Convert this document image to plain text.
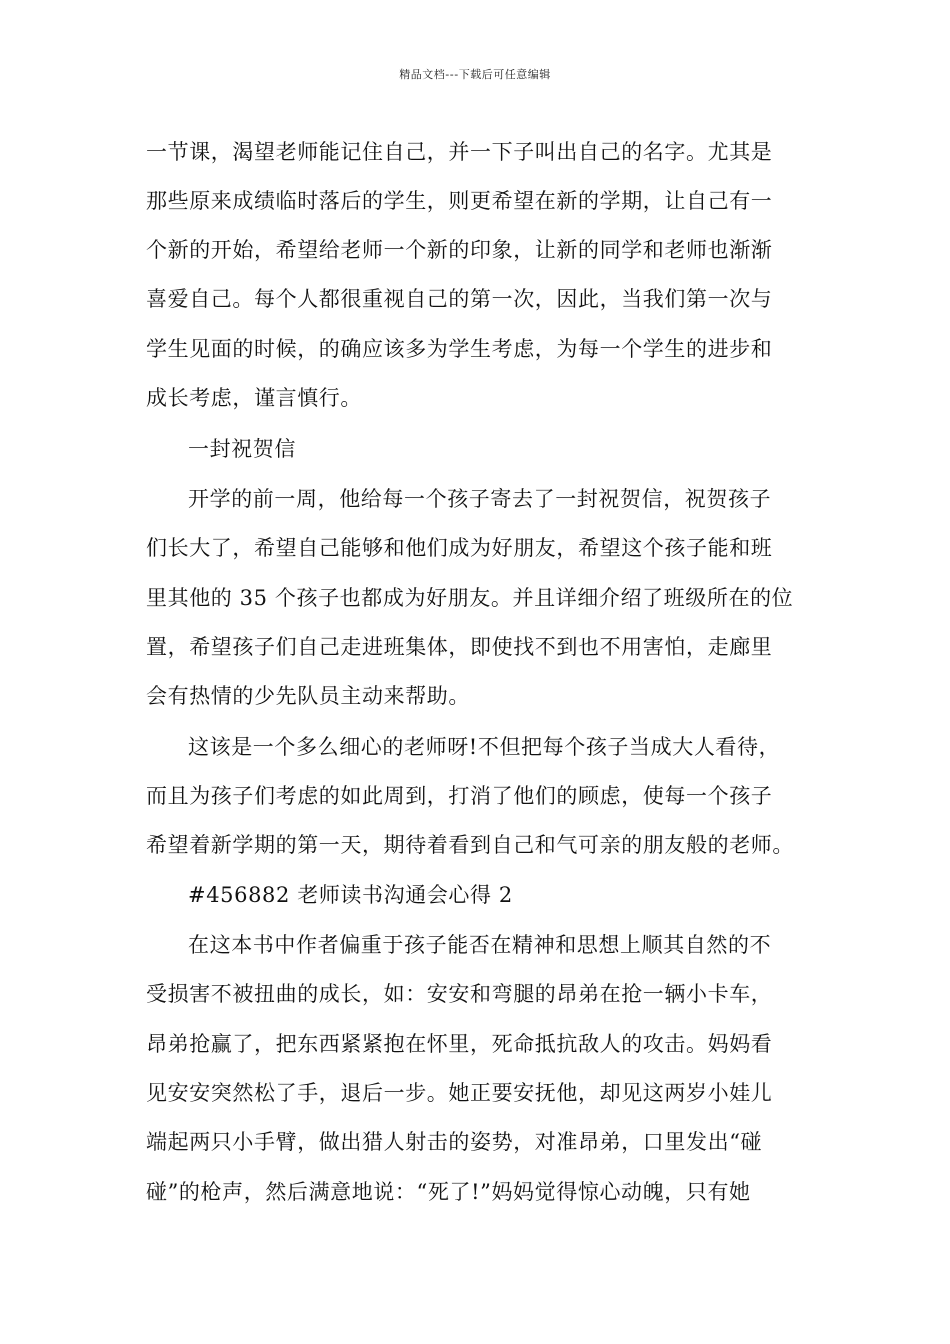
精品文档---下载后可任意编辑
一节课，渴望老师能记住自己，并一下子叫出自己的名字。尤其是
那些原来成绩临时落后的学生，则更希望在新的学期，让自己有一
个新的开始，希望给老师一个新的印象，让新的同学和老师也渐渐
喜爱自己。每个人都很重视自己的第一次，因此，当我们第一次与
学生见面的时候，的确应该多为学生考虑，为每一个学生的进步和
成长考虑，谨言慎行。
一封祝贺信
开学的前一周，他给每一个孩子寄去了一封祝贺信，祝贺孩子
们长大了，希望自己能够和他们成为好朋友，希望这个孩子能和班
里其他的 35 个孩子也都成为好朋友。并且详细介绍了班级所在的位
置，希望孩子们自己走进班集体，即使找不到也不用害怕，走廊里
会有热情的少先队员主动来帮助。
这该是一个多么细心的老师呀!不但把每个孩子当成大人看待，
而且为孩子们考虑的如此周到，打消了他们的顾虑，使每一个孩子
希望着新学期的第一天，期待着看到自己和气可亲的朋友般的老师。
#456882 老师读书沟通会心得 2
在这本书中作者偏重于孩子能否在精神和思想上顺其自然的不
受损害不被扭曲的成长，如：安安和弯腿的昂弟在抢一辆小卡车，
昂弟抢赢了，把东西紧紧抱在怀里，死命抵抗敌人的攻击。妈妈看
见安安突然松了手，退后一步。她正要安抚他，却见这两岁小娃儿
端起两只小手臂，做出猎人射击的姿势，对准昂弟，口里发出“碰
碰”的枪声，然后满意地说：“死了!”妈妈觉得惊心动魄，只有她
